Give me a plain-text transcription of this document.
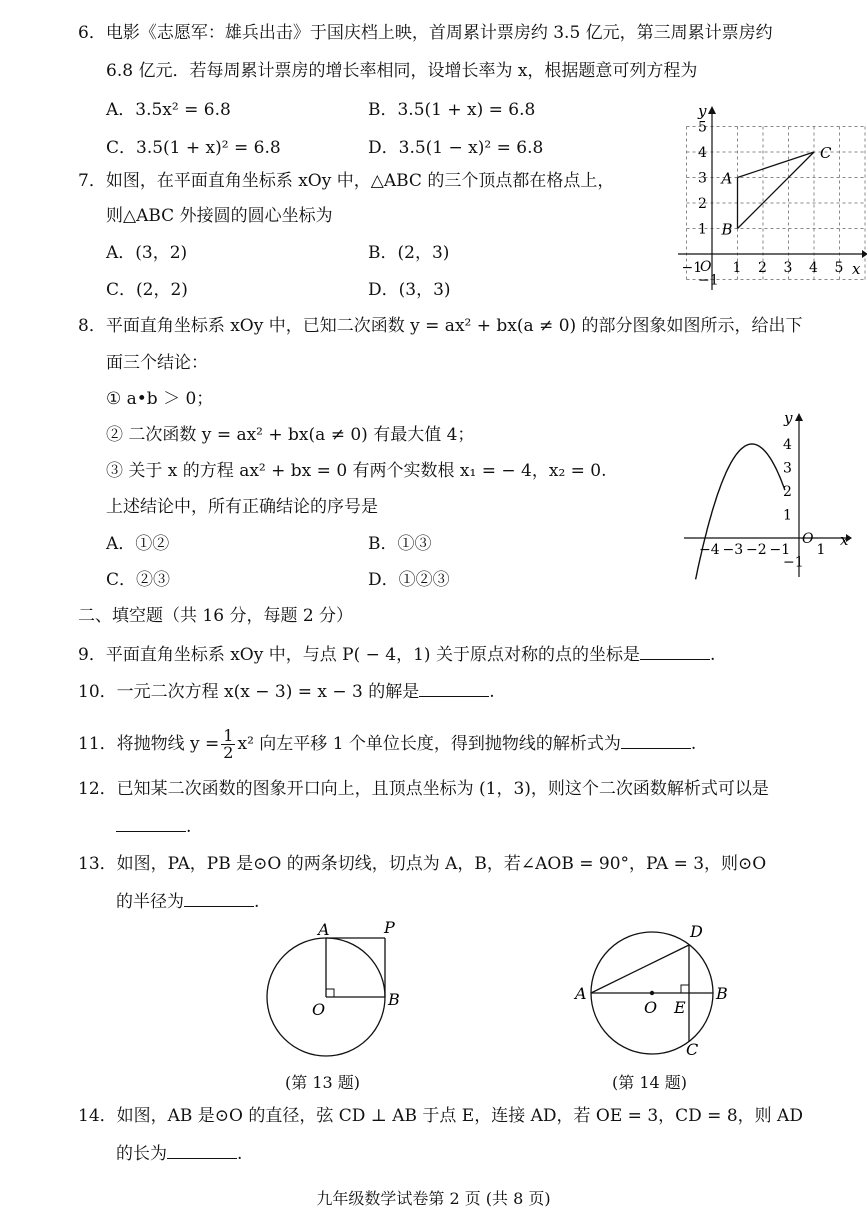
6．电影《志愿军：雄兵出击》于国庆档上映，首周累计票房约 3.5 亿元，第三周累计票房约
6.8 亿元．若每周累计票房的增长率相同，设增长率为 x，根据题意可列方程为
A．3.5x² = 6.8	B．3.5(1 + x) = 6.8
C．3.5(1 + x)² = 6.8	D．3.5(1 − x)² = 6.8
7．如图，在平面直角坐标系 xOy 中，△ABC 的三个顶点都在格点上，
则△ABC 外接圆的圆心坐标为
A．(3，2)	B．(2，3)
C．(2，2)	D．(3，3)
x
y
O
−1 1 2 3 4 5
−1
1
2
3
4
5
A
B
C
8．平面直角坐标系 xOy 中，已知二次函数 y = ax² + bx(a ≠ 0) 的部分图象如图所示，给出下
面三个结论：
① a•b ＞ 0；
② 二次函数 y = ax² + bx(a ≠ 0) 有最大值 4；
③ 关于 x 的方程 ax² + bx = 0 有两个实数根 x₁ = − 4，x₂ = 0.
上述结论中，所有正确结论的序号是
A．①②	B．①③
C．②③	D．①②③
x
y
O
−4 −3 −2 −1 1
−1
1
2
3
4
二、填空题（共 16 分，每题 2 分）
9．平面直角坐标系 xOy 中，与点 P( − 4，1) 关于原点对称的点的坐标是	.
10．一元二次方程 x(x − 3) = x − 3 的解是	.
11．将抛物线 $y = \frac{1}{2} x^2$ 向左平移 1 个单位长度，得到抛物线的解析式为	.
12．已知某二次函数的图象开口向上，且顶点坐标为 (1，3)，则这个二次函数解析式可以是
.
13．如图，PA，PB 是⊙O 的两条切线，切点为 A，B，若∠AOB = 90°，PA = 3，则⊙O
的半径为	.
A	P
O
B
(第 13 题)
A	B
O E
D
C
(第 14 题)
14．如图，AB 是⊙O 的直径，弦 CD ⊥ AB 于点 E，连接 AD，若 OE = 3，CD = 8，则 AD
的长为	.
九年级数学试卷第 2 页 (共 8 页)
